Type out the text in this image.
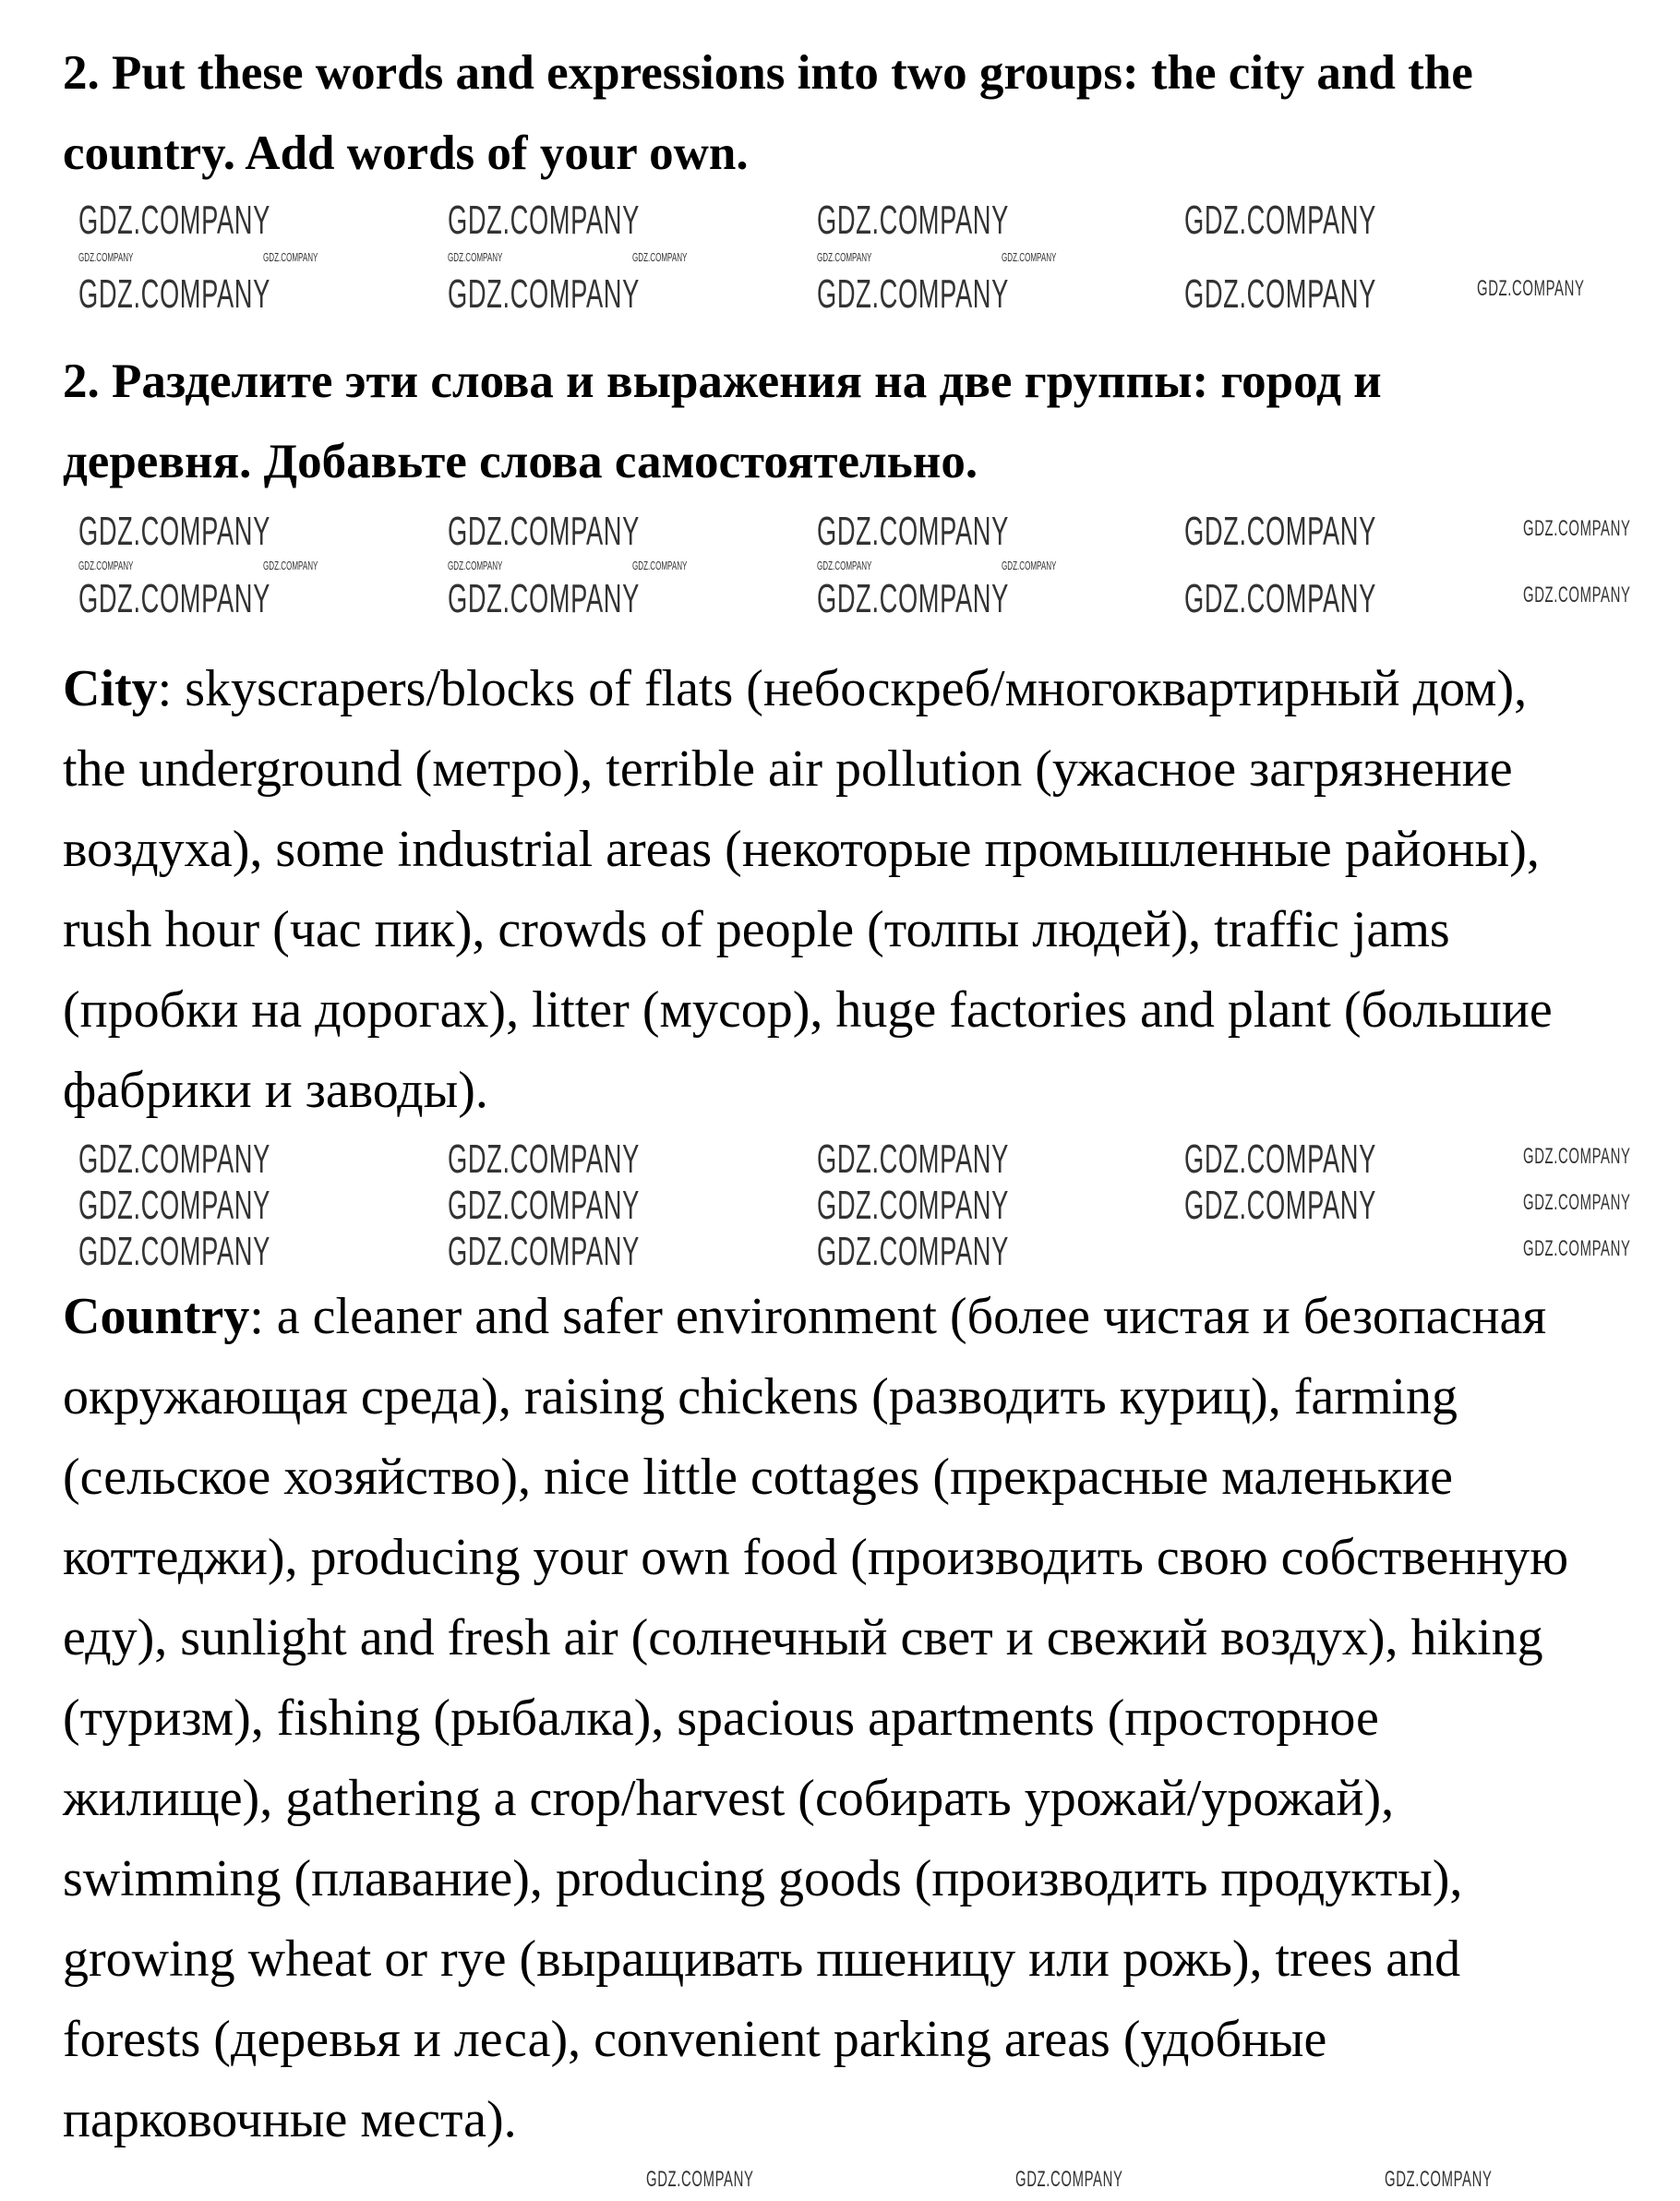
2. Put these words and expressions into two groups: the city and the
country. Add words of your own.
2. Разделите эти слова и выражения на две группы: город и
деревня. Добавьте слова самостоятельно.
City: skyscrapers/blocks of flats (небоскреб/многоквартирный дом),
the underground (метро), terrible air pollution (ужасное загрязнение
воздуха), some industrial areas (некоторые промышленные районы),
rush hour (час пик), crowds of people (толпы людей), traffic jams
(пробки на дорогах), litter (мусор), huge factories and plant (большие
фабрики и заводы).
Country: a cleaner and safer environment (более чистая и безопасная
окружающая среда), raising chickens (разводить куриц), farming
(сельское хозяйство), nice little cottages (прекрасные маленькие
коттеджи), producing your own food (производить свою собственную
еду), sunlight and fresh air (солнечный свет и свежий воздух), hiking
(туризм), fishing (рыбалка), spacious apartments (просторное
жилище), gathering a crop/harvest (собирать урожай/урожай),
swimming (плавание), producing goods (производить продукты),
growing wheat or rye (выращивать пшеницу или рожь), trees and
forests (деревья и леса), convenient parking areas (удобные
парковочные места).
GDZ.COMPANY	GDZ.COMPANY	GDZ.COMPANY	GDZ.COMPANY
GDZ.COMPANY	GDZ.COMPANY	GDZ.COMPANY	GDZ.COMPANY	GDZ.COMPANY	GDZ.COMPANY
GDZ.COMPANY	GDZ.COMPANY	GDZ.COMPANY	GDZ.COMPANY	GDZ.COMPANY
GDZ.COMPANY	GDZ.COMPANY	GDZ.COMPANY	GDZ.COMPANY	GDZ.COMPANY
GDZ.COMPANY	GDZ.COMPANY	GDZ.COMPANY	GDZ.COMPANY	GDZ.COMPANY	GDZ.COMPANY
GDZ.COMPANY	GDZ.COMPANY	GDZ.COMPANY	GDZ.COMPANY	GDZ.COMPANY
GDZ.COMPANY	GDZ.COMPANY	GDZ.COMPANY	GDZ.COMPANY	GDZ.COMPANY
GDZ.COMPANY	GDZ.COMPANY	GDZ.COMPANY	GDZ.COMPANY	GDZ.COMPANY
GDZ.COMPANY	GDZ.COMPANY	GDZ.COMPANY	GDZ.COMPANY
GDZ.COMPANY	GDZ.COMPANY	GDZ.COMPANY
